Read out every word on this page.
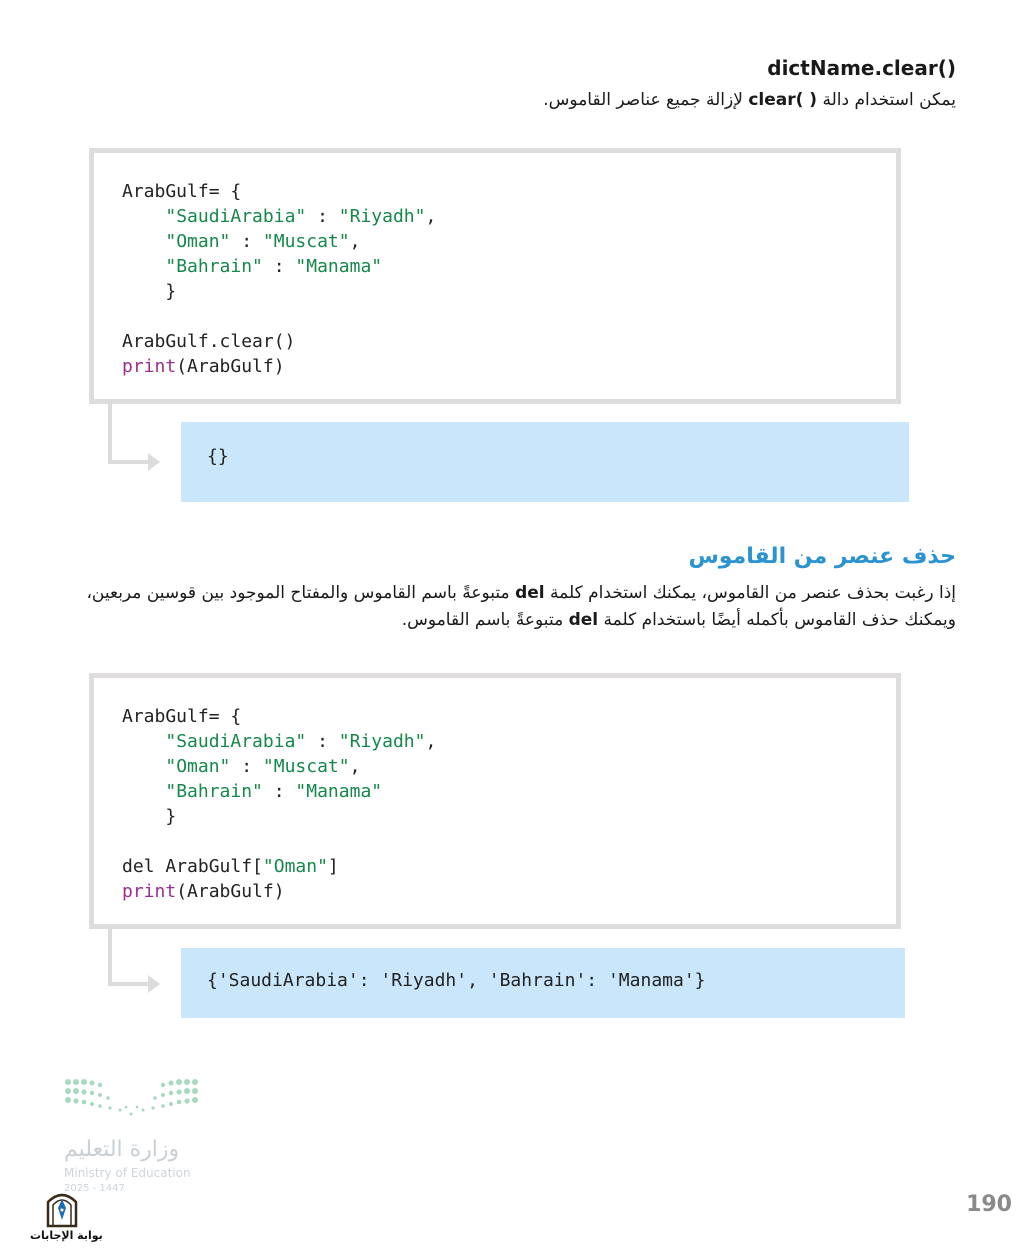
dictName.clear()
يمكن استخدام دالة clear( ) لإزالة جميع عناصر القاموس.
ArabGulf= {
"SaudiArabia" : "Riyadh",
"Oman" : "Muscat",
"Bahrain" : "Manama"
}

ArabGulf.clear()
print(ArabGulf)
{}
حذف عنصر من القاموس
إذا رغبت بحذف عنصر من القاموس، يمكنك استخدام كلمة del متبوعةً باسم القاموس والمفتاح الموجود بين قوسين مربعين،
ويمكنك حذف القاموس بأكمله أيضًا باستخدام كلمة del متبوعةً باسم القاموس.
ArabGulf= {
"SaudiArabia" : "Riyadh",
"Oman" : "Muscat",
"Bahrain" : "Manama"
}

del ArabGulf["Oman"]
print(ArabGulf)
{'SaudiArabia': 'Riyadh', 'Bahrain': 'Manama'}
وزارة التعليم
Ministry of Education
2025 - 1447
بوابة الإجابات
190
